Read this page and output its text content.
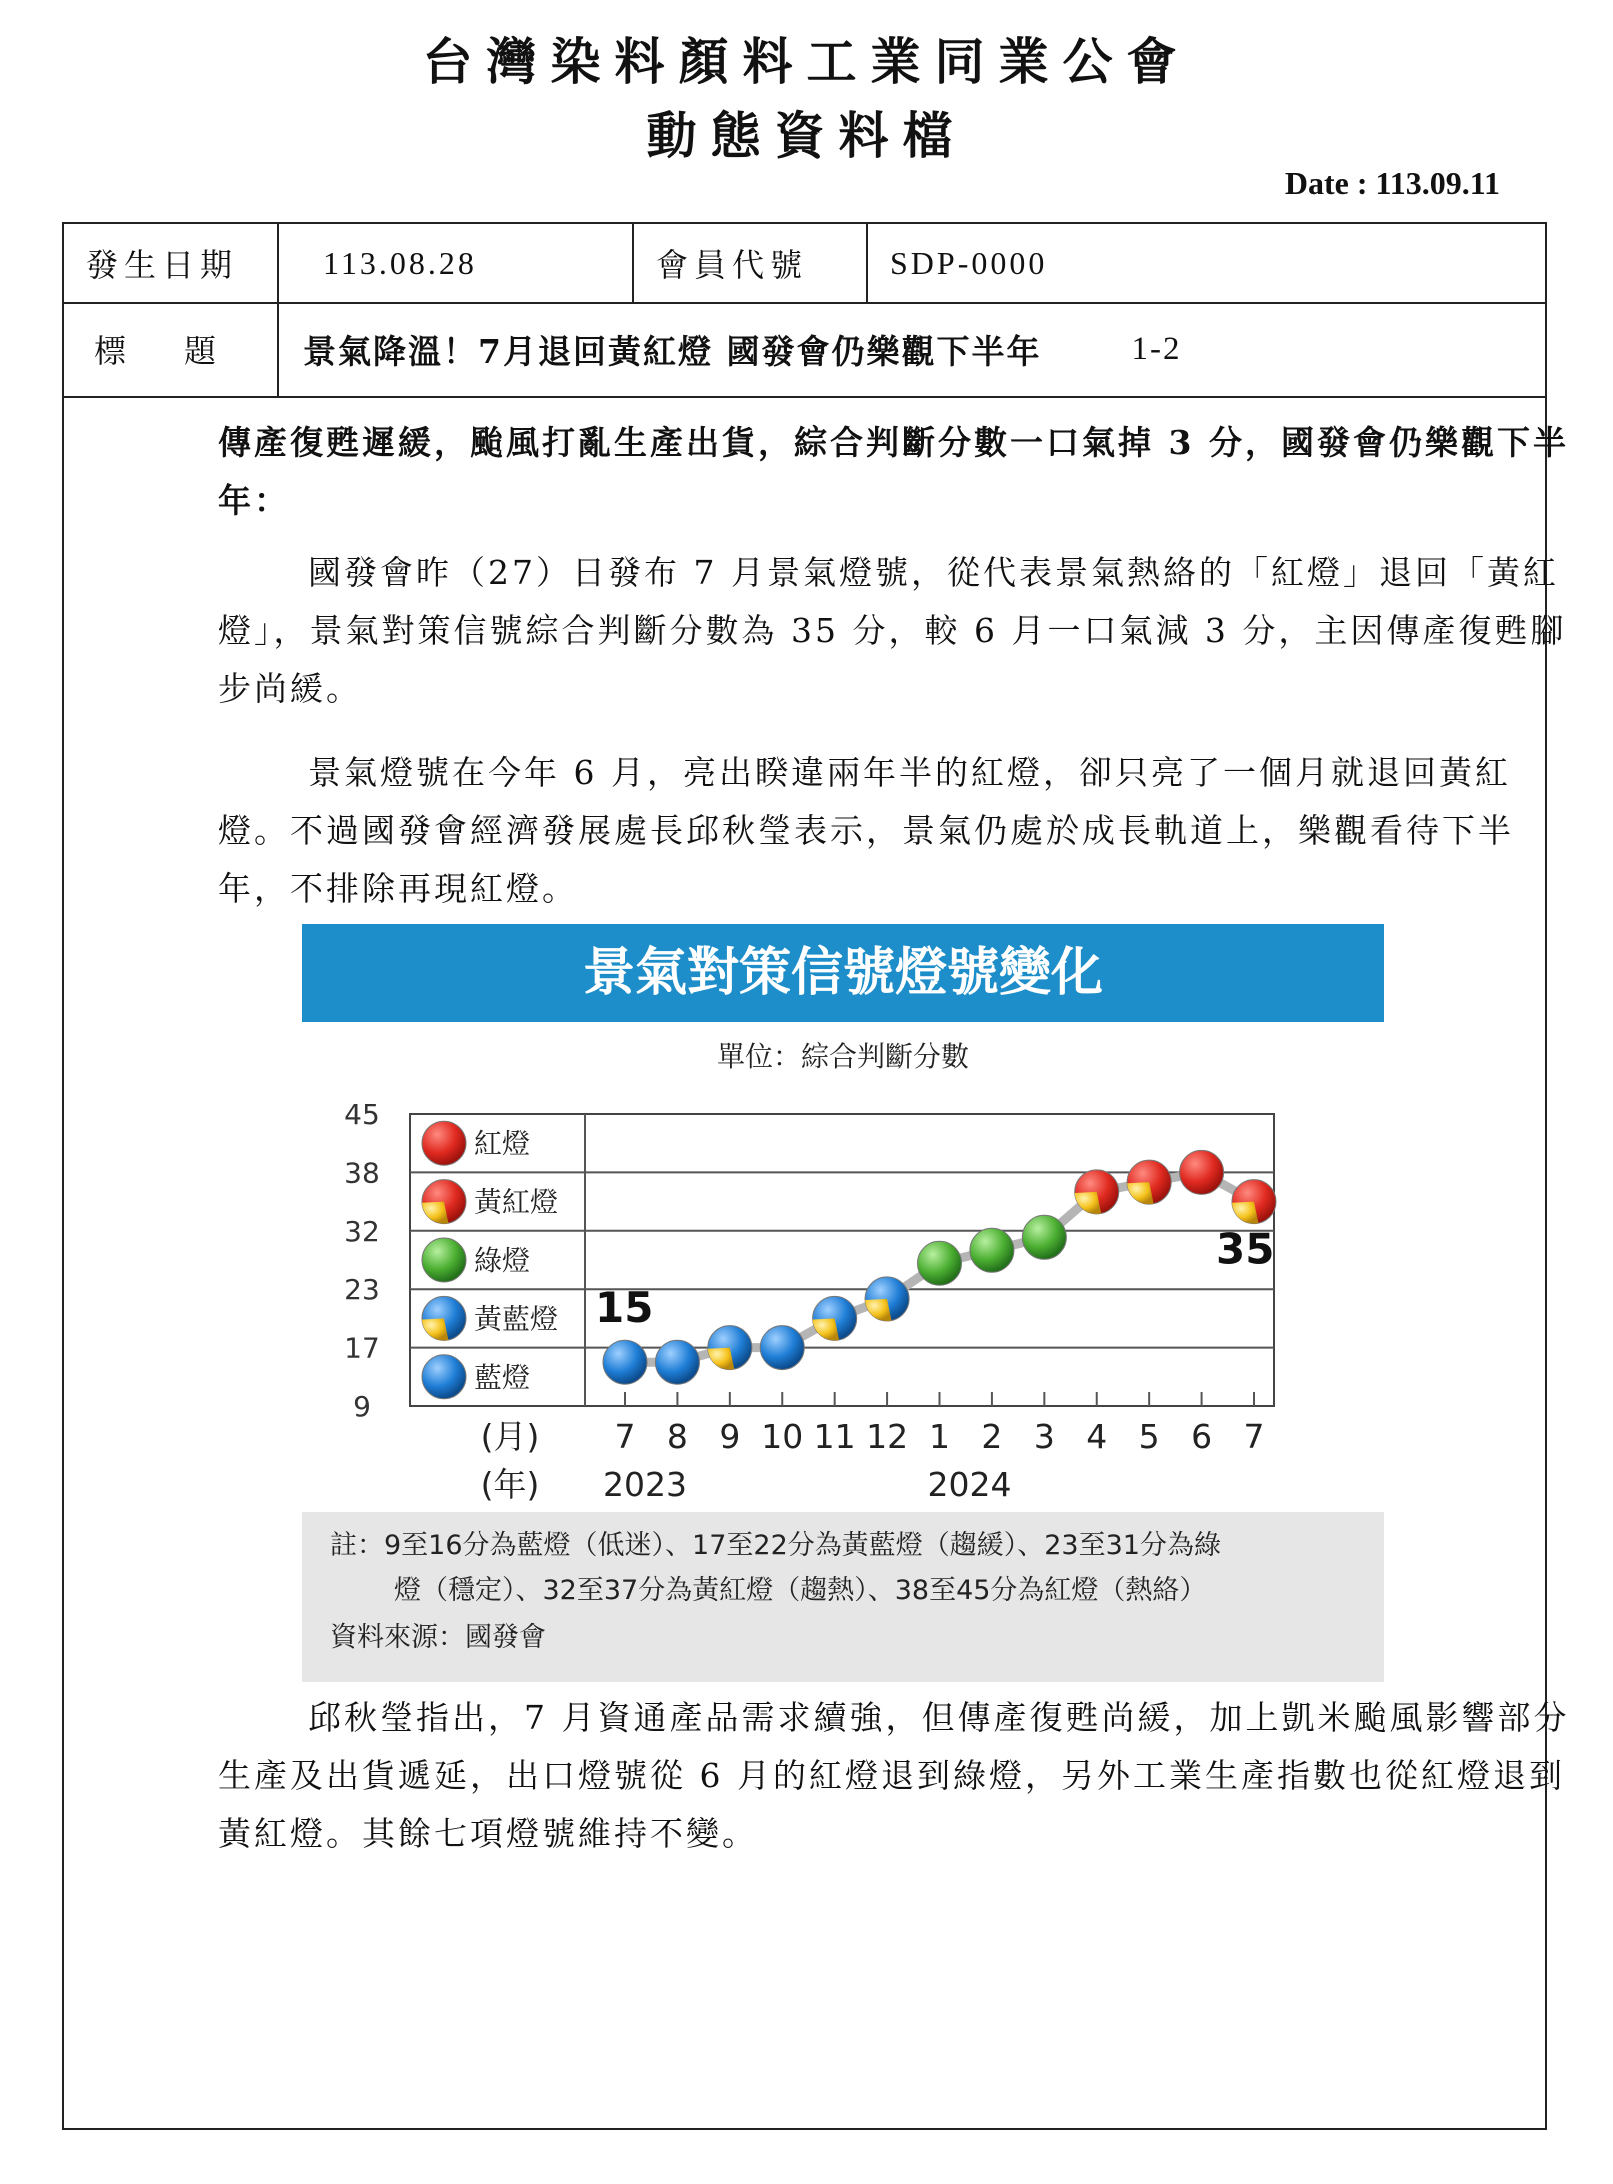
台灣染料顏料工業同業公會
動態資料檔
Date : 113.09.11
發生日期	113.08.28	會員代號	SDP-0000
標題 景氣降溫！7月退回黃紅燈 國發會仍樂觀下半年	1-2
傳產復甦遲緩，颱風打亂生產出貨，綜合判斷分數一口氣掉 3 分，國發會仍樂觀下半年：
國發會昨（27）日發布 7 月景氣燈號，從代表景氣熱絡的「紅燈」退回「黃紅燈」，景氣對策信號綜合判斷分數為 35 分，較 6 月一口氣減 3 分，主因傳產復甦腳步尚緩。
景氣燈號在今年 6 月，亮出睽違兩年半的紅燈，卻只亮了一個月就退回黃紅燈。不過國發會經濟發展處長邱秋瑩表示，景氣仍處於成長軌道上，樂觀看待下半年，不排除再現紅燈。
景氣對策信號燈號變化
單位：綜合判斷分數
45
38
32
23
17
9
紅燈
黃紅燈
綠燈
黃藍燈
藍燈
7 8 9 10 11 12 1 2 3 4 5 6 7
(月)
(年) 2023	2024
15
35
註：9至16分為藍燈（低迷）、17至22分為黃藍燈（趨緩）、23至31分為綠
燈（穩定）、32至37分為黃紅燈（趨熱）、38至45分為紅燈（熱絡）
資料來源：國發會
邱秋瑩指出，7 月資通產品需求續強，但傳產復甦尚緩，加上凱米颱風影響部分生產及出貨遞延，出口燈號從 6 月的紅燈退到綠燈，另外工業生產指數也從紅燈退到黃紅燈。其餘七項燈號維持不變。
